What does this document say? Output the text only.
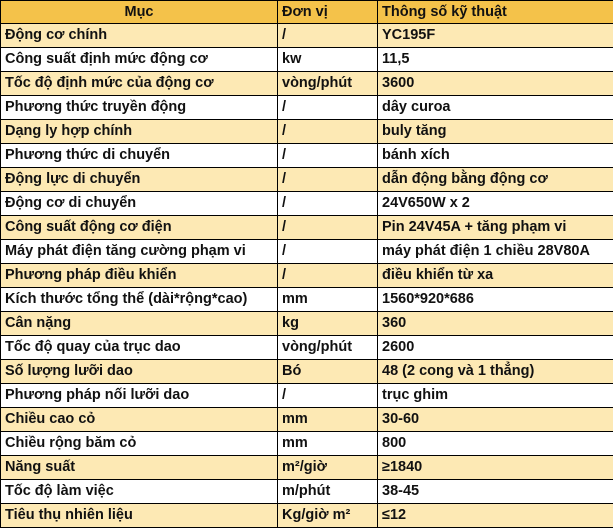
Mục	Đơn vị	Thông số kỹ thuật
Động cơ chính	/	YC195F
Công suất định mức động cơ	kw	11,5
Tốc độ định mức của động cơ	vòng/phút	3600
Phương thức truyền động	/	dây curoa
Dạng ly hợp chính	/	buly tăng
Phương thức di chuyển	/	bánh xích
Động lực di chuyển	/	dẫn động bằng động cơ
Động cơ di chuyển	/	24V650W x 2
Công suất động cơ điện	/	Pin 24V45A + tăng phạm vi
Máy phát điện tăng cường phạm vi	/	máy phát điện 1 chiều 28V80A
Phương pháp điều khiển	/	điều khiển từ xa
Kích thước tổng thể (dài*rộng*cao)	mm	1560*920*686
Cân nặng	kg	360
Tốc độ quay của trục dao	vòng/phút	2600
Số lượng lưỡi dao	Bó	48 (2 cong và 1 thẳng)
Phương pháp nối lưỡi dao	/	trục ghim
Chiều cao cỏ	mm	30-60
Chiều rộng băm cỏ	mm	800
Năng suất	m²/giờ	≥1840
Tốc độ làm việc	m/phút	38-45
Tiêu thụ nhiên liệu	Kg/giờ m²	≤12
